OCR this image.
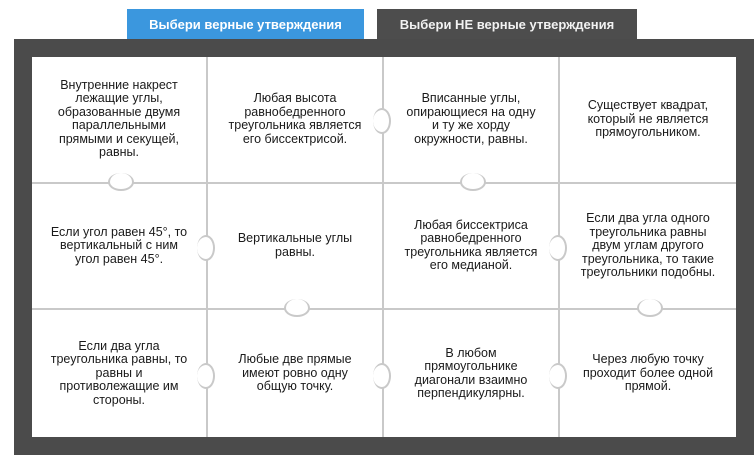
Выбери верные утверждения	Выбери НЕ верные утверждения
Внутренние накрест лежащие углы, образованные двумя параллельными прямыми и секущей, равны.
Любая высота равнобедренного треугольника является его биссектрисой.
Вписанные углы, опирающиеся на одну и ту же хорду окружности, равны.
Существует квадрат, который не является прямоугольником.
Если угол равен 45°, то вертикальный с ним угол равен 45°.
Вертикальные углы равны.
Любая биссектриса равнобедренного треугольника является его медианой.
Если два угла одного треугольника равны двум углам другого треугольника, то такие треугольники подобны.
Если два угла треугольника равны, то равны и противолежащие им стороны.
Любые две прямые имеют ровно одну общую точку.
В любом прямоугольнике диагонали взаимно перпендикулярны.
Через любую точку проходит более одной прямой.
